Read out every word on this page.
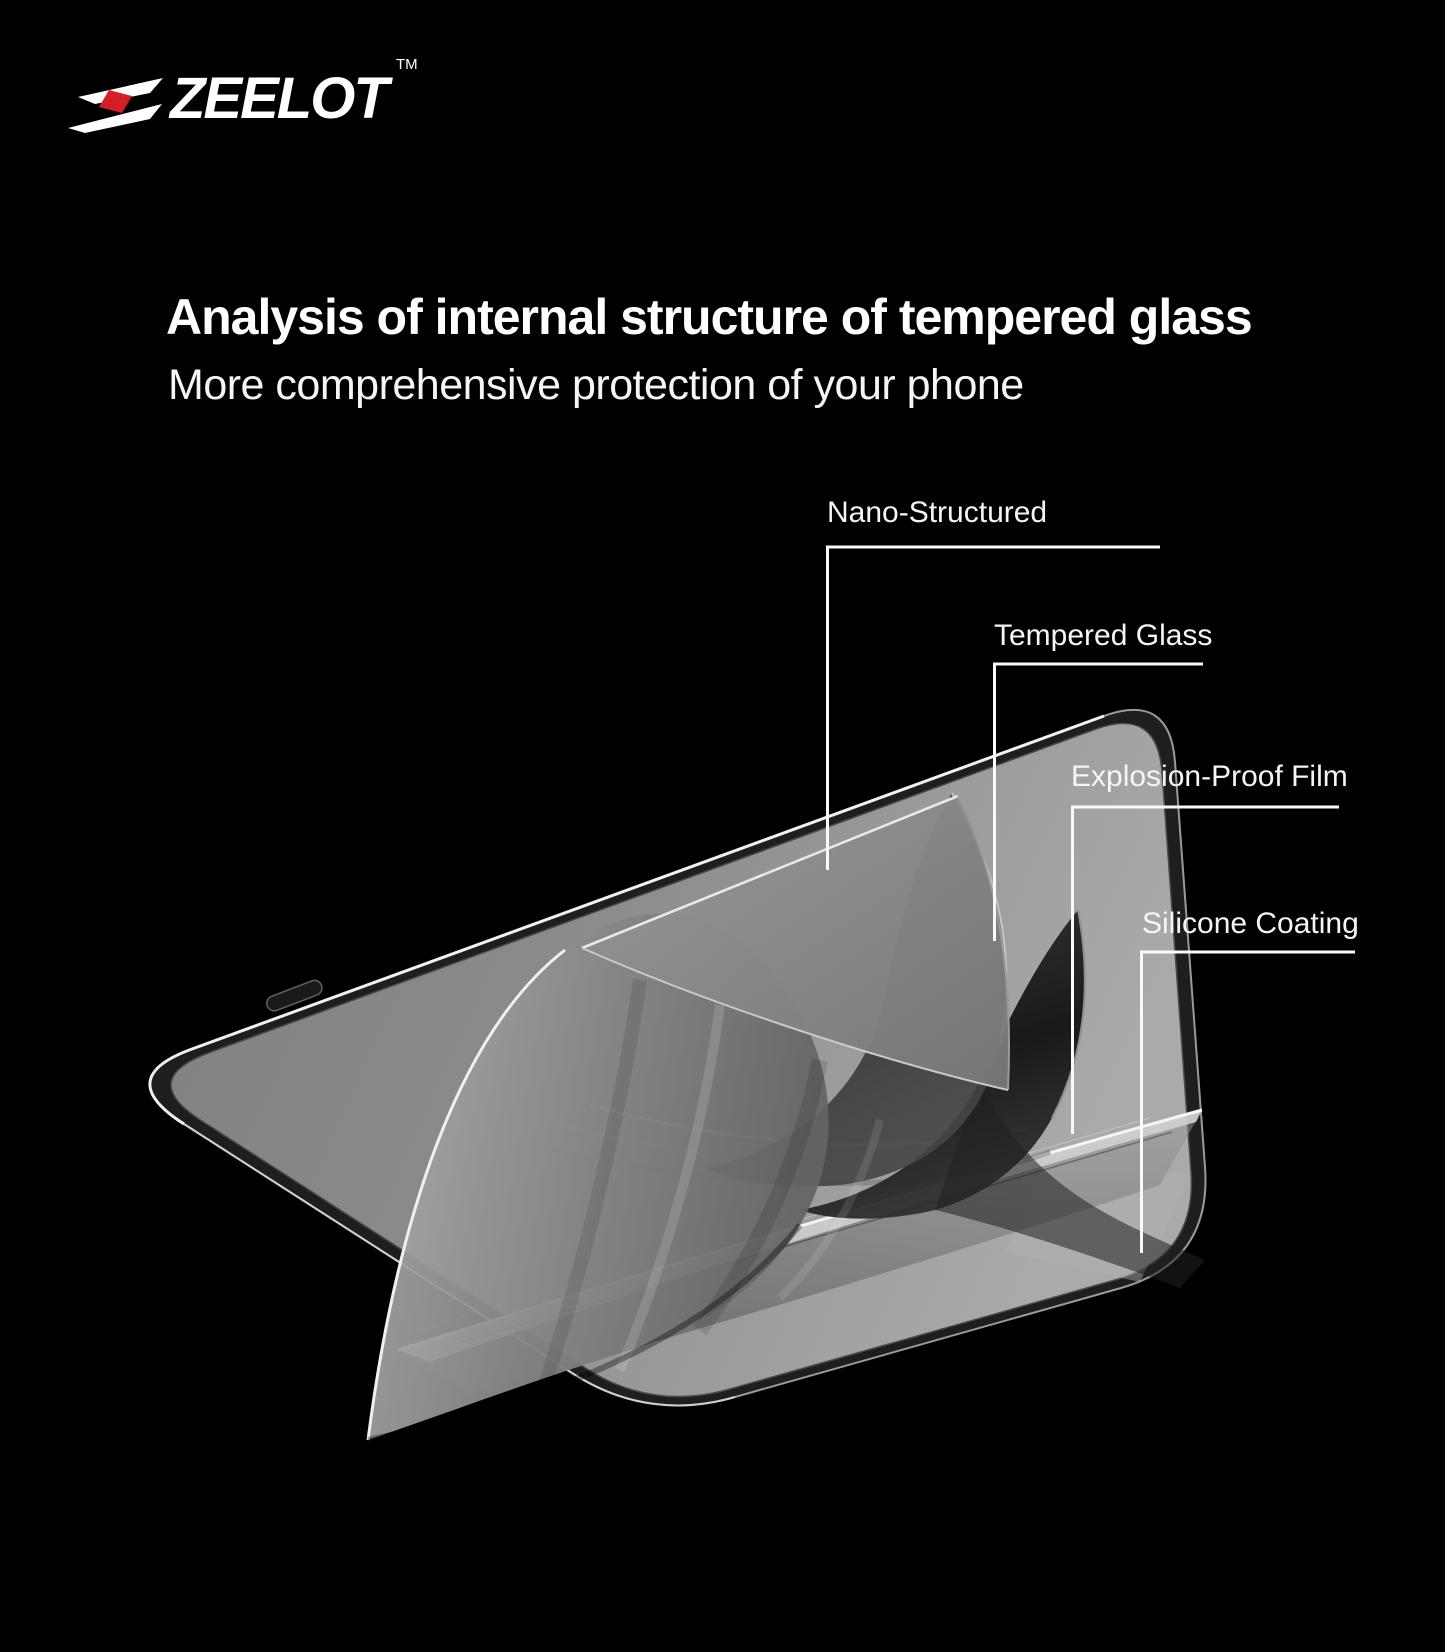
ZEELOT
TM
Analysis of internal structure of tempered glass
More comprehensive protection of your phone
Nano-Structured
Tempered Glass
Explosion-Proof Film
Silicone Coating
